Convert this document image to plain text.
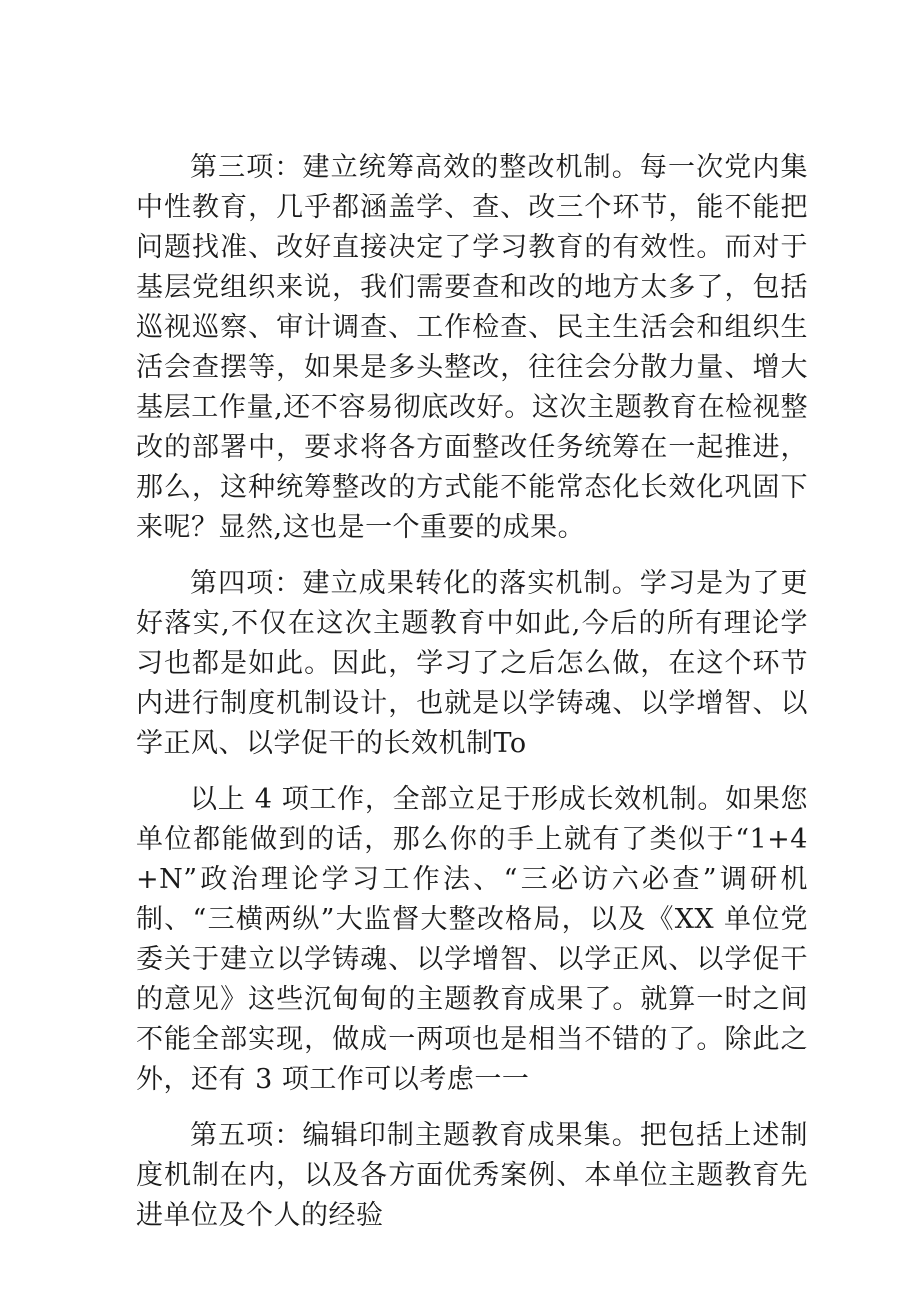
第三项：建立统筹高效的整改机制。每一次党内集中性教育，几乎都涵盖学、查、改三个环节，能不能把问题找准、改好直接决定了学习教育的有效性。而对于基层党组织来说，我们需要查和改的地方太多了，包括巡视巡察、审计调查、工作检查、民主生活会和组织生活会查摆等，如果是多头整改，往往会分散力量、增大基层工作量,还不容易彻底改好。这次主题教育在检视整改的部署中，要求将各方面整改任务统筹在一起推进，那么，这种统筹整改的方式能不能常态化长效化巩固下来呢？显然,这也是一个重要的成果。

第四项：建立成果转化的落实机制。学习是为了更好落实,不仅在这次主题教育中如此,今后的所有理论学习也都是如此。因此，学习了之后怎么做，在这个环节内进行制度机制设计，也就是以学铸魂、以学增智、以学正风、以学促干的长效机制To

以上 4 项工作，全部立足于形成长效机制。如果您单位都能做到的话，那么你的手上就有了类似于“1+4+N”政治理论学习工作法、“三必访六必查”调研机制、“三横两纵”大监督大整改格局，以及《XX 单位党委关于建立以学铸魂、以学增智、以学正风、以学促干的意见》这些沉甸甸的主题教育成果了。就算一时之间不能全部实现，做成一两项也是相当不错的了。除此之外，还有 3 项工作可以考虑一一

第五项：编辑印制主题教育成果集。把包括上述制度机制在内，以及各方面优秀案例、本单位主题教育先进单位及个人的经验
